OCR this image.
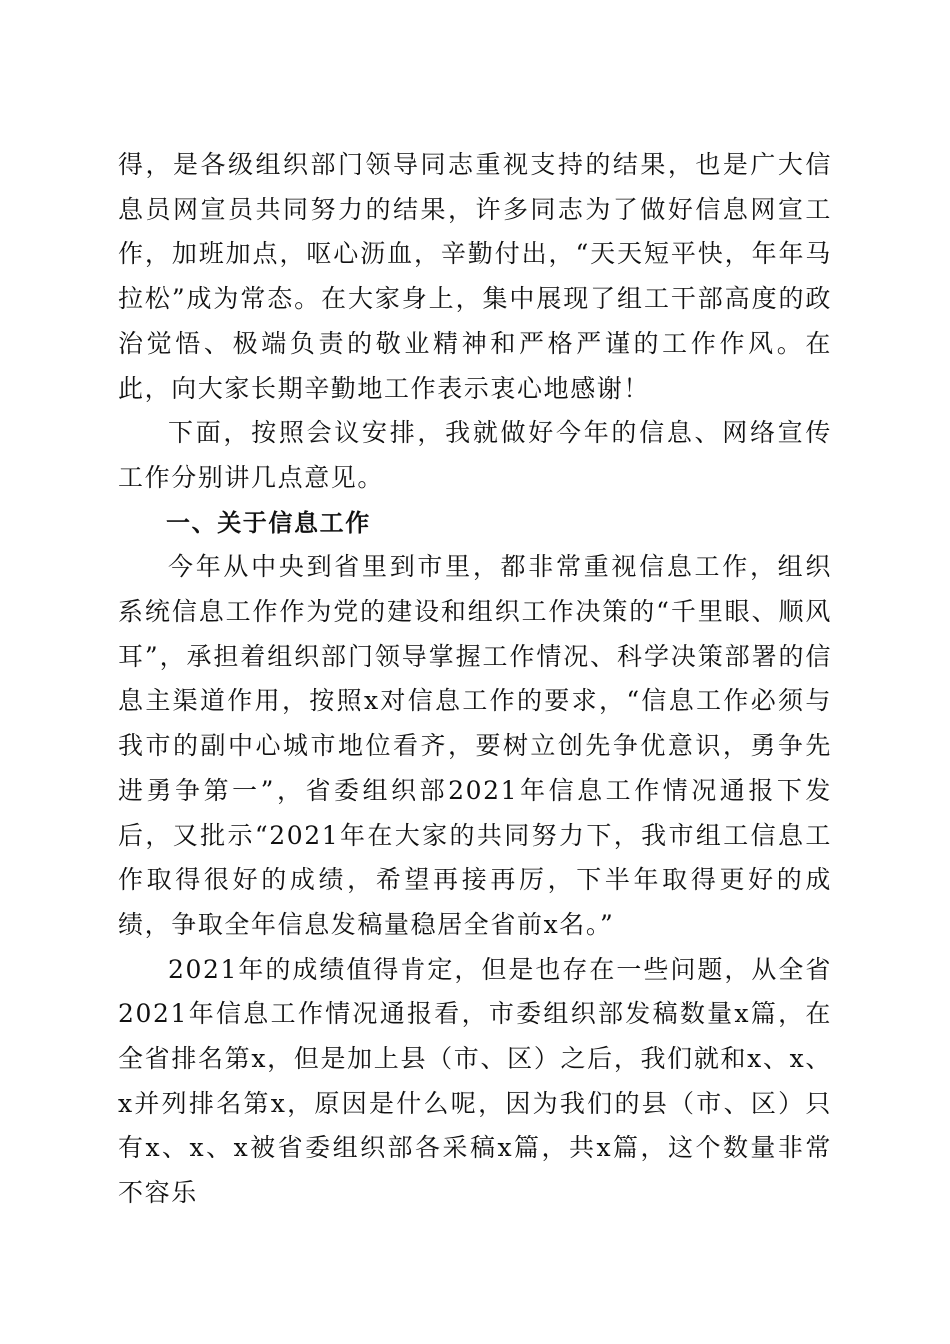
得，是各级组织部门领导同志重视支持的结果，也是广大信息员网宣员共同努力的结果，许多同志为了做好信息网宣工作，加班加点，呕心沥血，辛勤付出，“天天短平快，年年马拉松”成为常态。在大家身上，集中展现了组工干部高度的政治觉悟、极端负责的敬业精神和严格严谨的工作作风。在此，向大家长期辛勤地工作表示衷心地感谢！

下面，按照会议安排，我就做好今年的信息、网络宣传工作分别讲几点意见。

一、关于信息工作

今年从中央到省里到市里，都非常重视信息工作，组织系统信息工作作为党的建设和组织工作决策的“千里眼、顺风耳”，承担着组织部门领导掌握工作情况、科学决策部署的信息主渠道作用，按照x对信息工作的要求，“信息工作必须与我市的副中心城市地位看齐，要树立创先争优意识，勇争先进勇争第一”，省委组织部2021年信息工作情况通报下发后，又批示“2021年在大家的共同努力下，我市组工信息工作取得很好的成绩，希望再接再厉，下半年取得更好的成绩，争取全年信息发稿量稳居全省前x名。”

2021年的成绩值得肯定，但是也存在一些问题，从全省2021年信息工作情况通报看，市委组织部发稿数量x篇，在全省排名第x，但是加上县（市、区）之后，我们就和x、x、x并列排名第x，原因是什么呢，因为我们的县（市、区）只有x、x、x被省委组织部各采稿x篇，共x篇，这个数量非常不容乐
